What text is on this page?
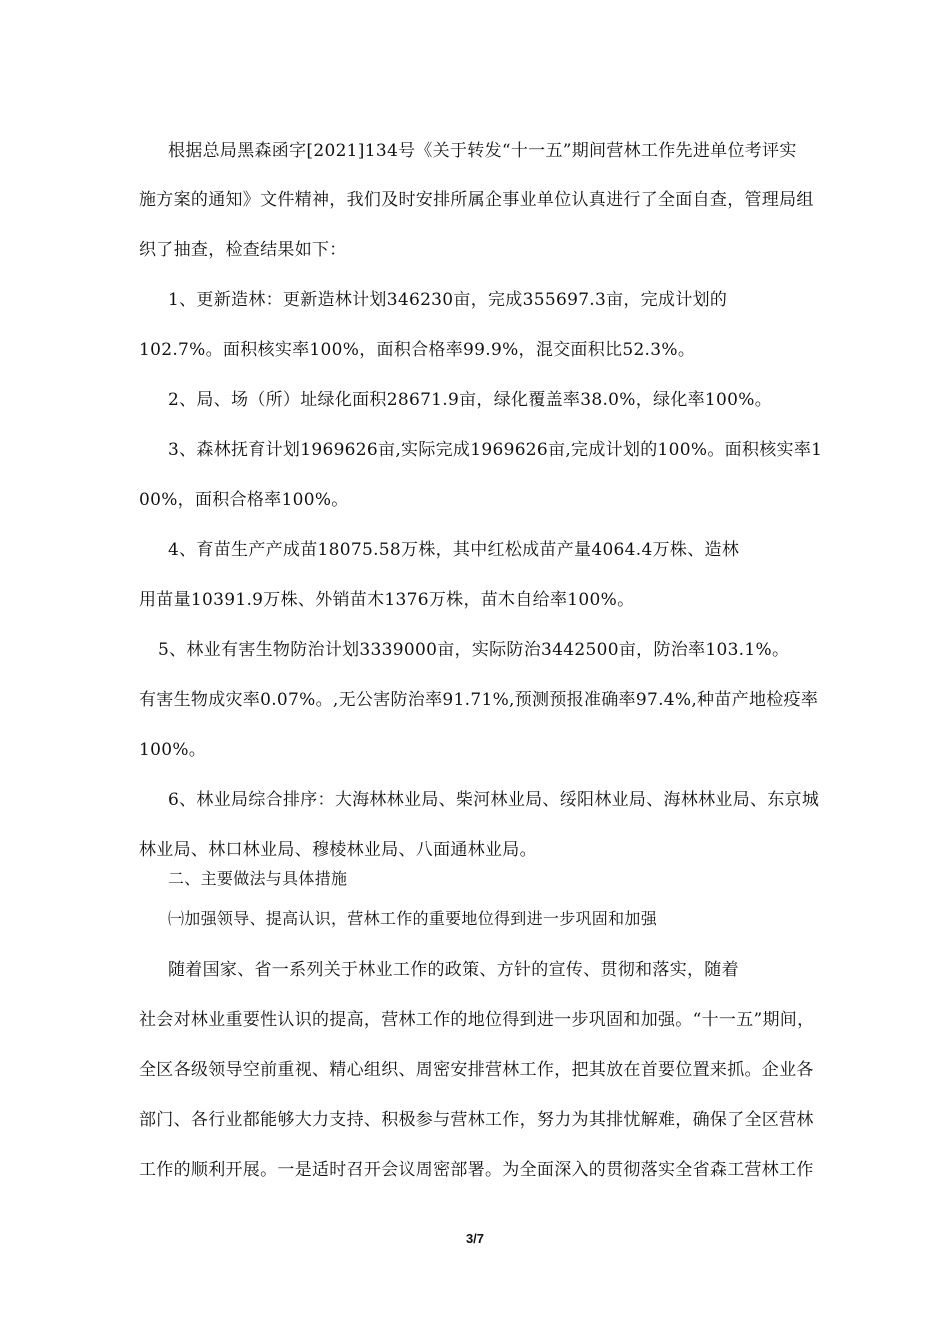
根据总局黑森函字[2021]134号《关于转发“十一五”期间营林工作先进单位考评实
施方案的通知》文件精神，我们及时安排所属企事业单位认真进行了全面自查，管理局组
织了抽查，检查结果如下：
1、更新造林：更新造林计划346230亩，完成355697.3亩，完成计划的
102.7%。面积核实率100%，面积合格率99.9%，混交面积比52.3%。
2、局、场（所）址绿化面积28671.9亩，绿化覆盖率38.0%，绿化率100%。
3、森林抚育计划1969626亩,实际完成1969626亩,完成计划的100%。面积核实率1
00%，面积合格率100%。
4、育苗生产产成苗18075.58万株，其中红松成苗产量4064.4万株、造林
用苗量10391.9万株、外销苗木1376万株，苗木自给率100%。
5、林业有害生物防治计划3339000亩，实际防治3442500亩，防治率103.1%。
有害生物成灾率0.07%。,无公害防治率91.71%,预测预报准确率97.4%,种苗产地检疫率
100%。
6、林业局综合排序：大海林林业局、柴河林业局、绥阳林业局、海林林业局、东京城
林业局、林口林业局、穆棱林业局、八面通林业局。
二、主要做法与具体措施
㈠加强领导、提高认识，营林工作的重要地位得到进一步巩固和加强
随着国家、省一系列关于林业工作的政策、方针的宣传、贯彻和落实，随着
社会对林业重要性认识的提高，营林工作的地位得到进一步巩固和加强。“十一五”期间，
全区各级领导空前重视、精心组织、周密安排营林工作，把其放在首要位置来抓。企业各
部门、各行业都能够大力支持、积极参与营林工作，努力为其排忧解难，确保了全区营林
工作的顺利开展。一是适时召开会议周密部署。为全面深入的贯彻落实全省森工营林工作
3/7
